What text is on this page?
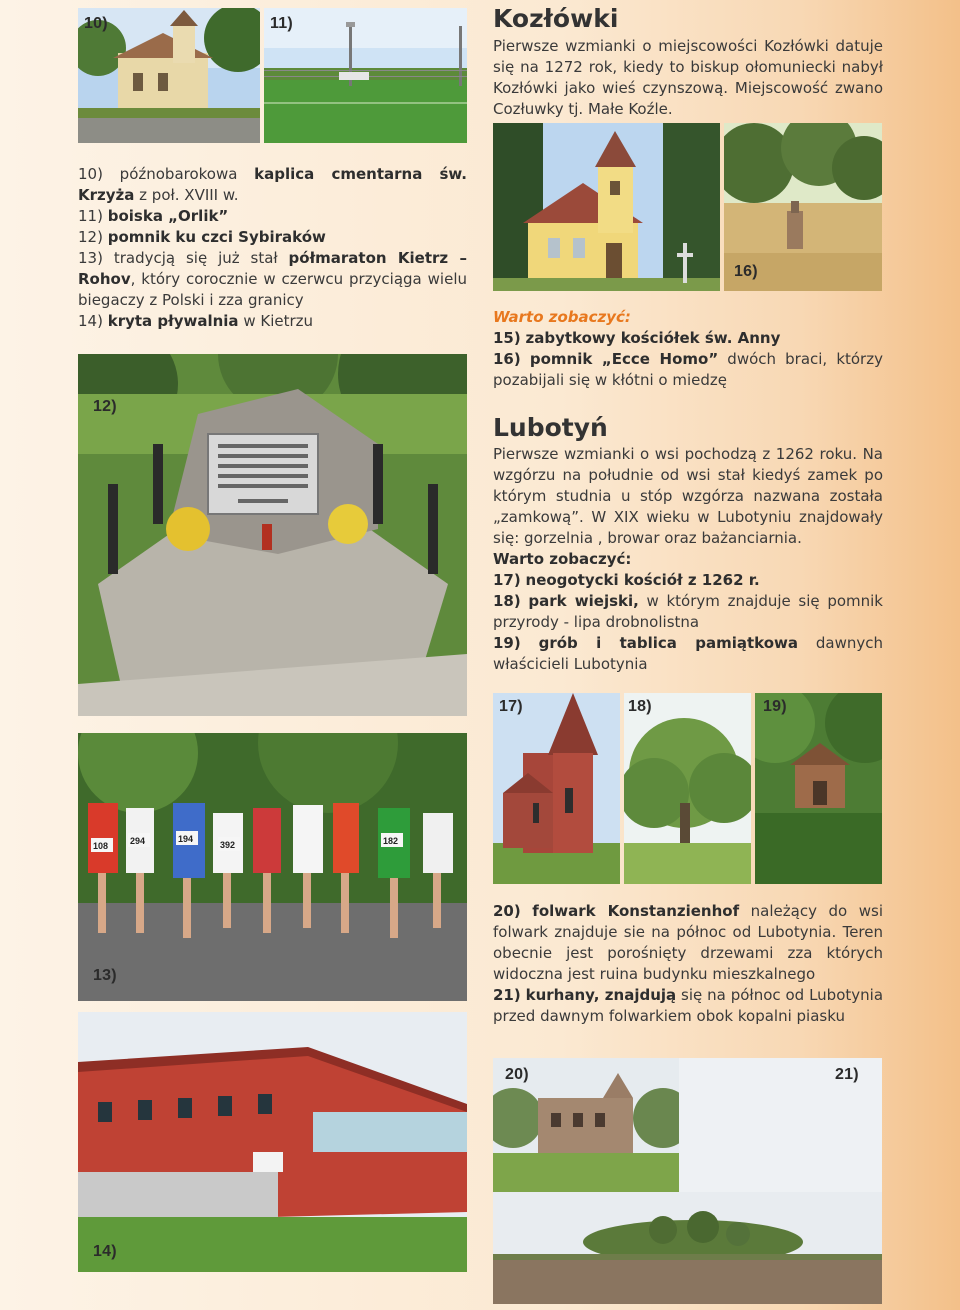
10)	11)	Kozłówki

Pierwsze wzmianki o miejscowości Kozłówki datuje się na 1272 rok, kiedy to biskup ołomuniecki nabył Kozłówki jako wieś czynszową. Miejscowość zwano Cozłuwky tj. Małe Koźle.

16)

Warto zobaczyć:

15) zabytkowy kościółek św. Anny

16) pomnik „Ecce Homo” dwóch braci, którzy pozabijali się w kłótni o miedzę

10) późnobarokowa kaplica cmentarna św. Krzyża z poł. XVIII w.

11) boiska „Orlik”

12) pomnik ku czci Sybiraków

13) tradycją się już stał półmaraton Kietrz – Rohov, który corocznie w czerwcu przyciąga wielu biegaczy z Polski i zza granicy

14) kryta pływalnia w Kietrzu

12)
108 294	194
392	182
13)
14)
Lubotyń

Pierwsze wzmianki o wsi pochodzą z 1262 roku. Na wzgórzu na południe od wsi stał kiedyś zamek po którym studnia u stóp wzgórza nazwana została „zamkową”. W XIX wieku w Lubotyniu znajdowały się: gorzelnia , browar oraz bażanciarnia.

Warto zobaczyć:

17) neogotycki kościół z 1262 r.

18) park wiejski, w którym znajduje się pomnik przyrody - lipa drobnolistna

19) grób i tablica pamiątkowa dawnych właścicieli Lubotynia

17)	18)	19)

20) folwark Konstanzienhof należący do wsi folwark znajduje sie na północ od Lubotynia. Teren obecnie jest porośnięty drzewami zza których widoczna jest ruina budynku mieszkalnego

21) kurhany, znajdują się na północ od Lubotynia przed dawnym folwarkiem obok kopalni piasku

20)	21)
